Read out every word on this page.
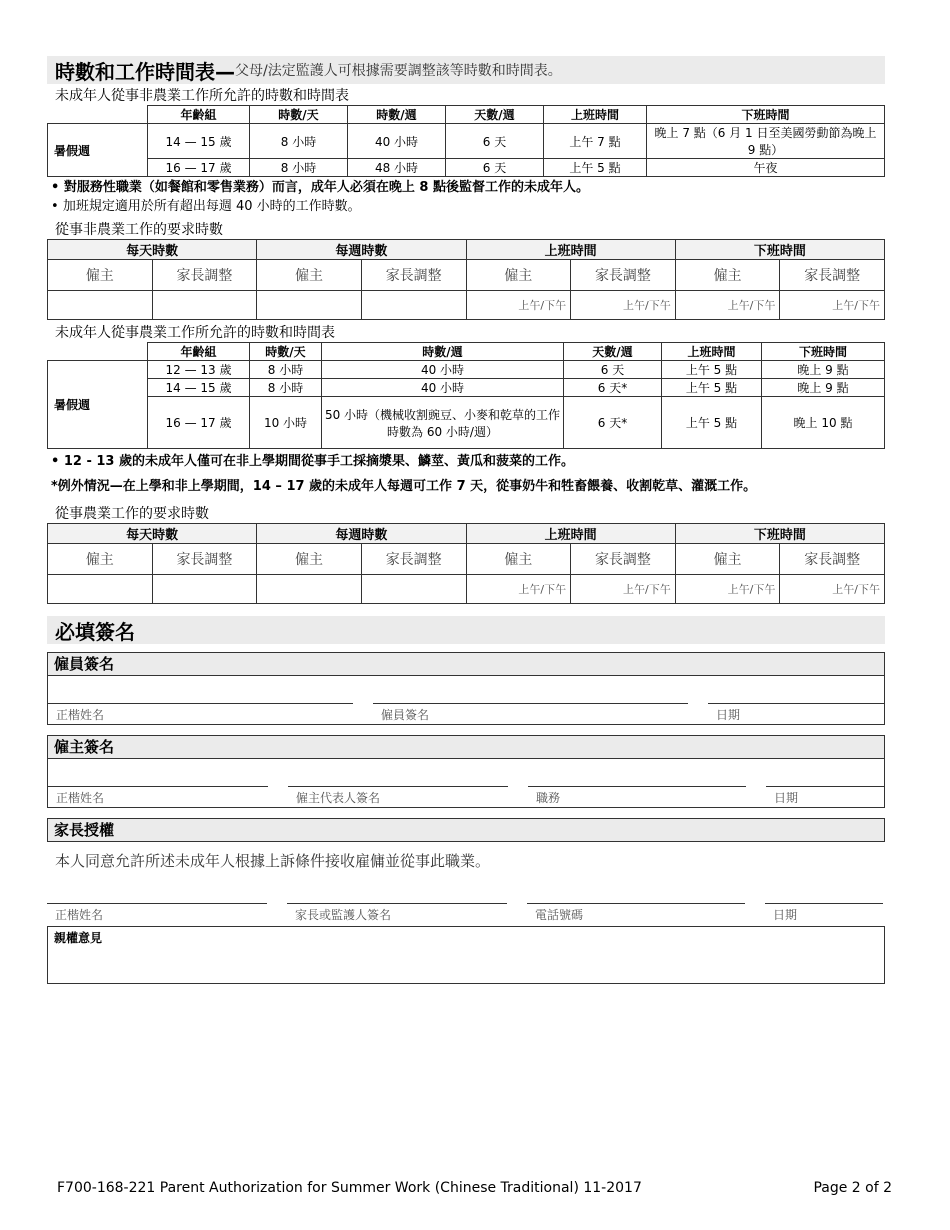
時數和工作時間表— 父母/法定監護人可根據需要調整該等時數和時間表。
未成年人從事非農業工作所允許的時數和時間表
	年齡組	時數/天	時數/週	天數/週	上班時間	下班時間
暑假週	14 — 15 歲	8 小時	40 小時	6 天	上午 7 點	晚上 7 點（6 月 1 日至美國勞動節為晚上 9 點）
	16 — 17 歲	8 小時	48 小時	6 天	上午 5 點	午夜
• 對服務性職業（如餐館和零售業務）而言，成年人必須在晚上 8 點後監督工作的未成年人。
• 加班規定適用於所有超出每週 40 小時的工作時數。
從事非農業工作的要求時數
每天時數		每週時數		上班時間		下班時間	
僱主	家長調整	僱主	家長調整	僱主	家長調整	僱主	家長調整
				上午/下午	上午/下午	上午/下午	上午/下午
未成年人從事農業工作所允許的時數和時間表
	年齡組	時數/天	時數/週	天數/週	上班時間	下班時間
暑假週	12 — 13 歲	8 小時	40 小時	6 天	上午 5 點	晚上 9 點
	14 — 15 歲	8 小時	40 小時	6 天*	上午 5 點	晚上 9 點
	16 — 17 歲	10 小時	50 小時（機械收割豌豆、小麥和乾草的工作時數為 60 小時/週）	6 天*	上午 5 點	晚上 10 點
• 12 - 13 歲的未成年人僅可在非上學期間從事手工採摘漿果、鱗莖、黃瓜和菠菜的工作。
*例外情況—在上學和非上學期間，14 – 17 歲的未成年人每週可工作 7 天，從事奶牛和牲畜餵養、收割乾草、灌溉工作。
從事農業工作的要求時數
每天時數		每週時數		上班時間		下班時間	
僱主	家長調整	僱主	家長調整	僱主	家長調整	僱主	家長調整
				上午/下午	上午/下午	上午/下午	上午/下午
必填簽名
僱員簽名
正楷姓名	僱員簽名	日期
僱主簽名
正楷姓名	僱主代表人簽名	職務	日期
家長授權
本人同意允許所述未成年人根據上訴條件接收雇傭並從事此職業。
正楷姓名	家長或監護人簽名	電話號碼	日期
親權意見
F700-168-221 Parent Authorization for Summer Work (Chinese Traditional) 11-2017	Page 2 of 2
